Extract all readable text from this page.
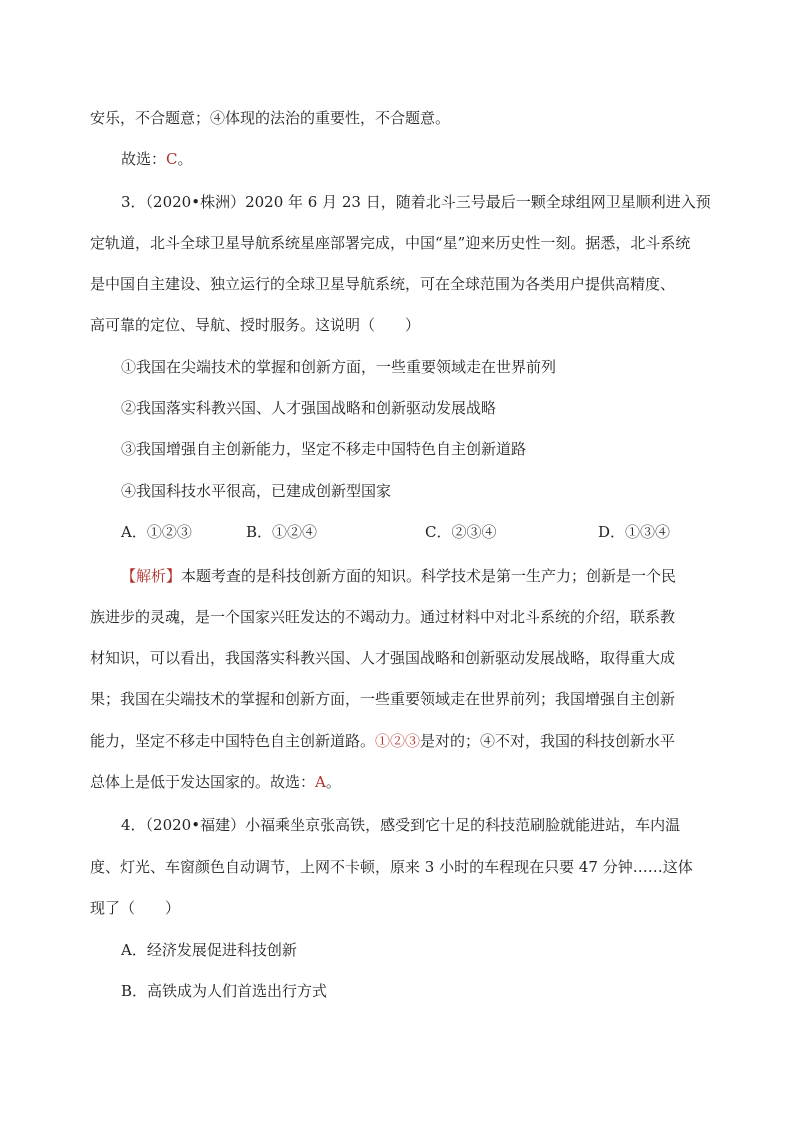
安乐，不合题意；④体现的法治的重要性，不合题意。
故选：C。
3．（2020•株洲）2020 年 6 月 23 日，随着北斗三号最后一颗全球组网卫星顺利进入预
定轨道，北斗全球卫星导航系统星座部署完成，中国“星”迎来历史性一刻。据悉，北斗系统
是中国自主建设、独立运行的全球卫星导航系统，可在全球范围为各类用户提供高精度、
高可靠的定位、导航、授时服务。这说明（　　）
①我国在尖端技术的掌握和创新方面，一些重要领域走在世界前列
②我国落实科教兴国、人才强国战略和创新驱动发展战略
③我国增强自主创新能力，坚定不移走中国特色自主创新道路
④我国科技水平很高，已建成创新型国家
A．①②③	B．①②④	C．②③④	D．①③④
【解析】本题考查的是科技创新方面的知识。科学技术是第一生产力；创新是一个民
族进步的灵魂，是一个国家兴旺发达的不竭动力。通过材料中对北斗系统的介绍，联系教
材知识，可以看出，我国落实科教兴国、人才强国战略和创新驱动发展战略，取得重大成
果；我国在尖端技术的掌握和创新方面，一些重要领域走在世界前列；我国增强自主创新
能力，坚定不移走中国特色自主创新道路。①②③是对的；④不对，我国的科技创新水平
总体上是低于发达国家的。故选：A。
4．（2020•福建）小福乘坐京张高铁，感受到它十足的科技范刷脸就能进站，车内温
度、灯光、车窗颜色自动调节，上网不卡顿，原来 3 小时的车程现在只要 47 分钟……这体
现了（　　）
A．经济发展促进科技创新
B．高铁成为人们首选出行方式
